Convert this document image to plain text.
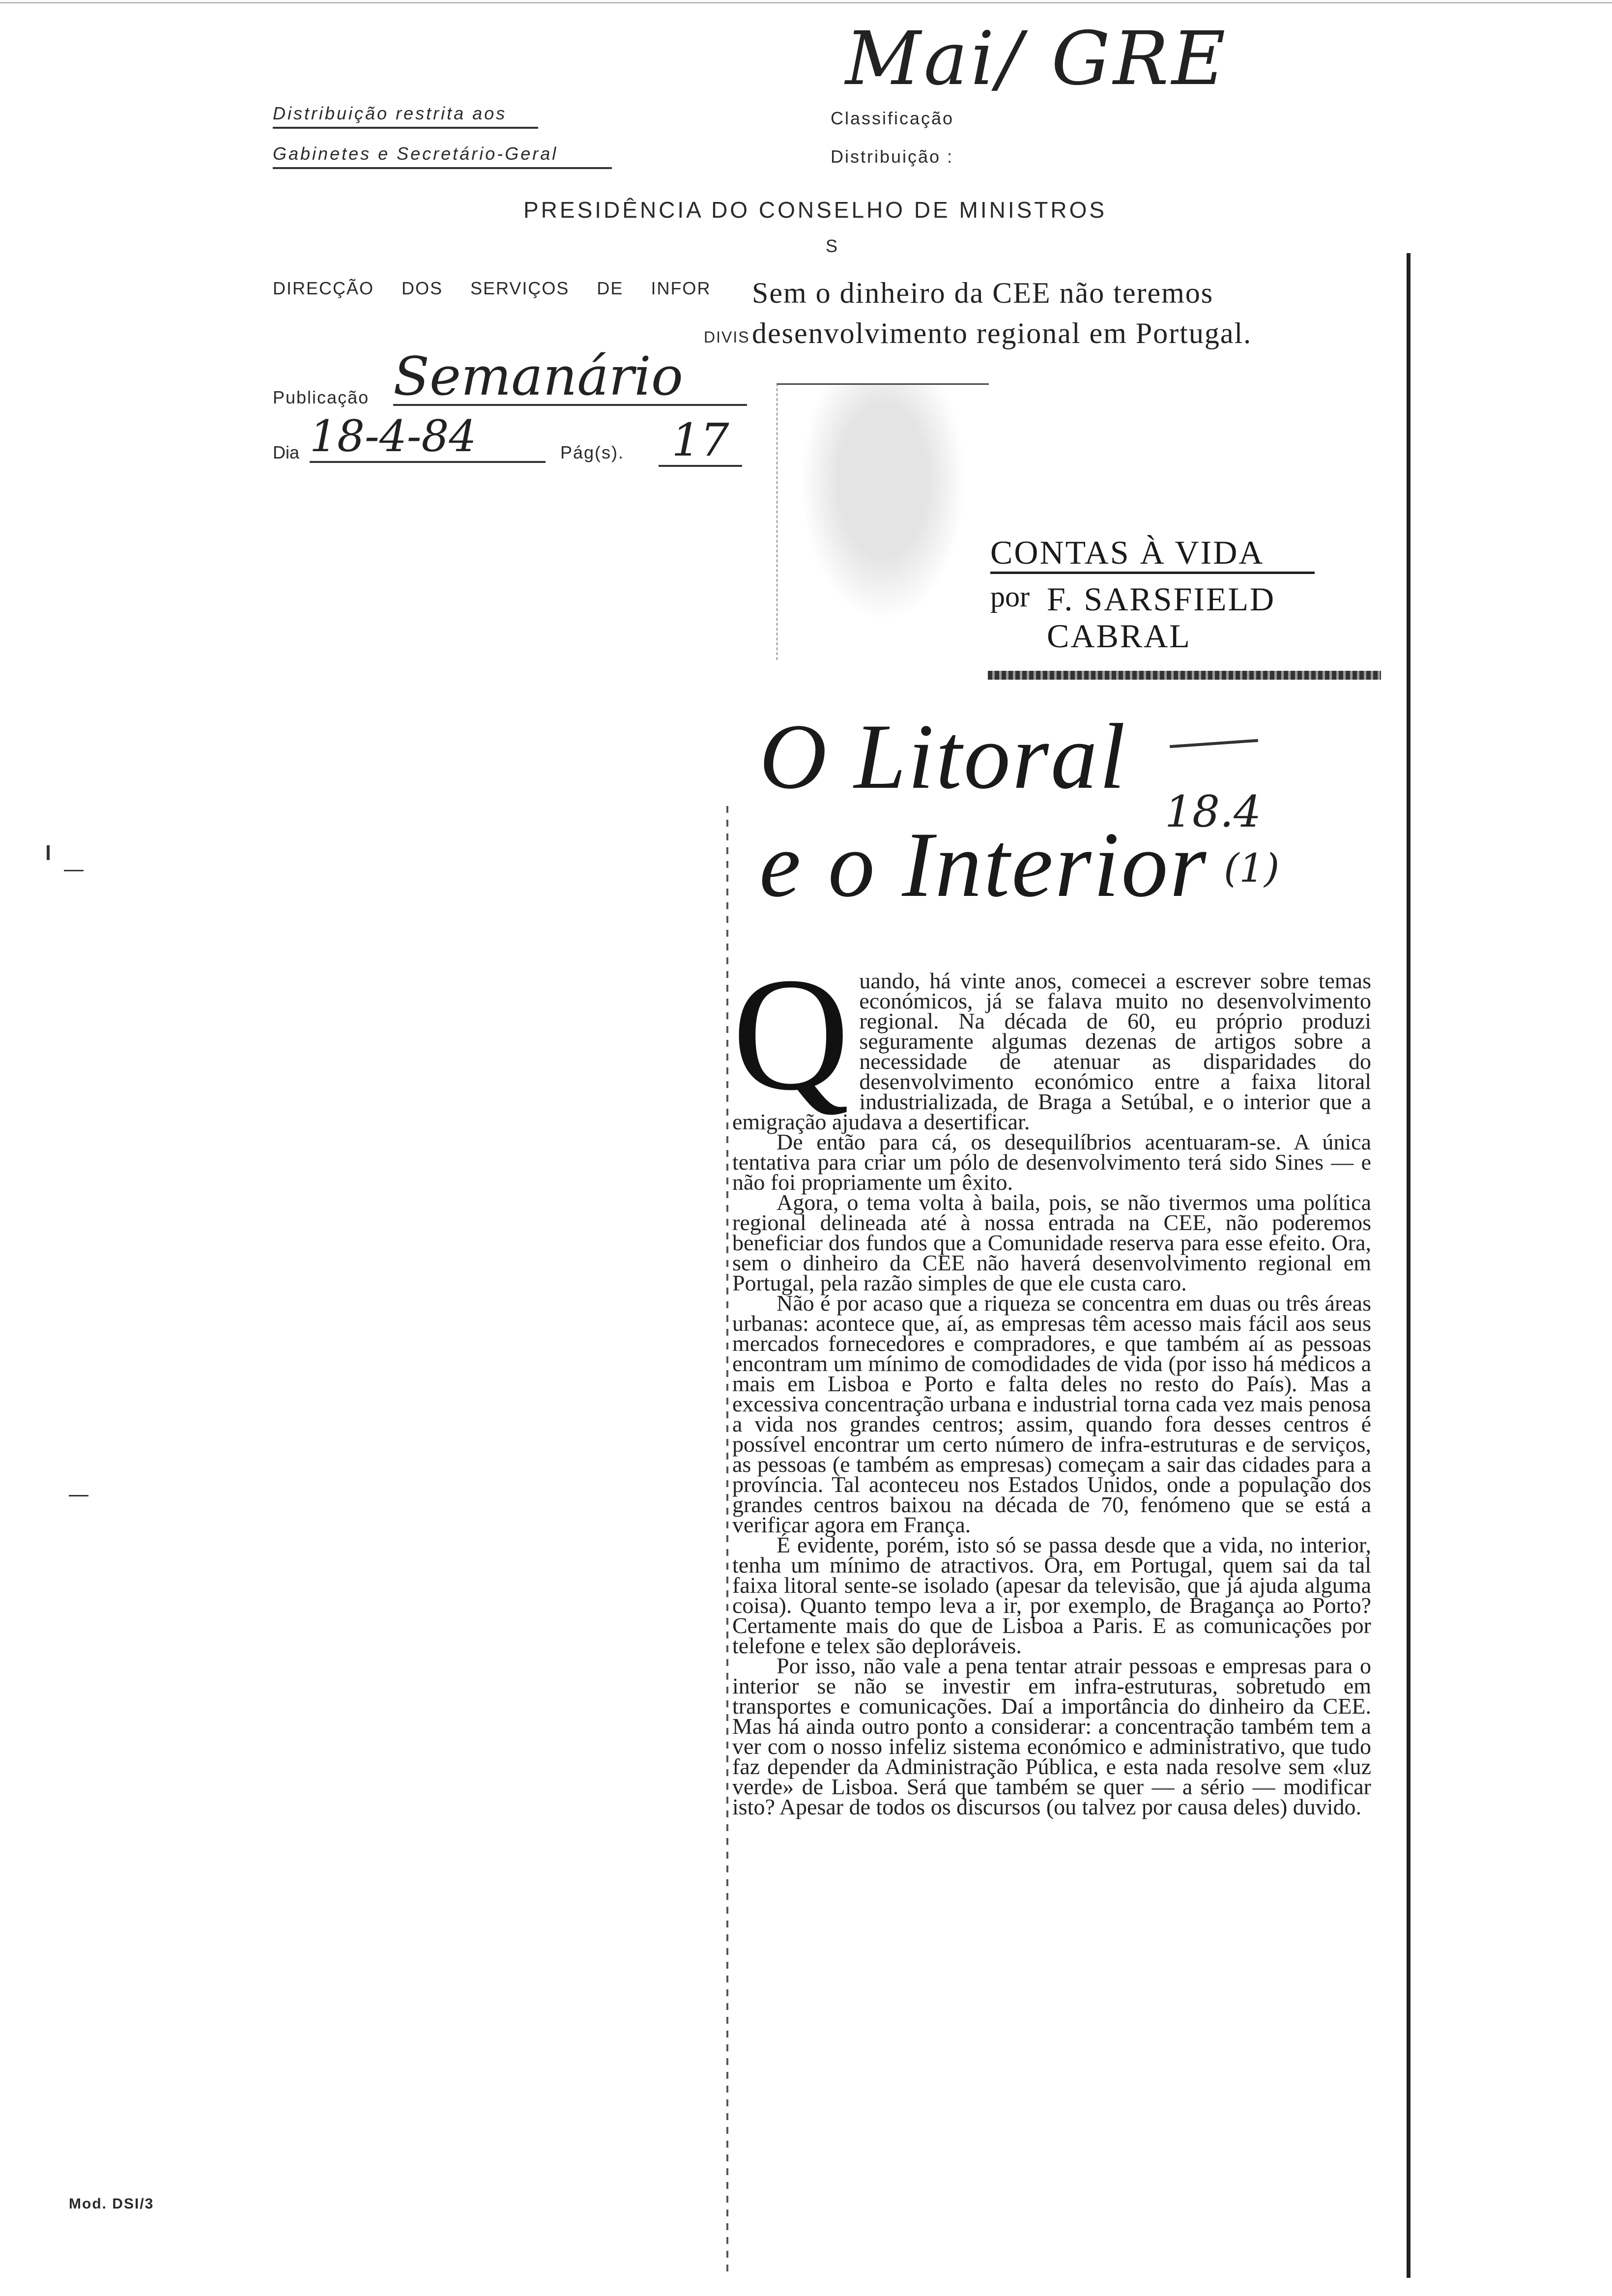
Distribuição restrita aos
Gabinetes e Secretário-Geral
Classificação
Distribuição :
Mai/ GRE
PRESIDÊNCIA DO CONSELHO DE MINISTROS
S
DIRECÇÃO DOS SERVIÇOS DE INFOR
DIVIS
Publicação Semanário
Dia 18-4-84	Pág(s). 17
Sem o dinheiro da CEE não teremos desenvolvimento regional em Portugal.
CONTAS À VIDA
por F. SARSFIELD
CABRAL
O Litoral
e o Interior
18.4
(1)
Q uando, há vinte anos, comecei a escrever sobre temas económicos, já se falava muito no desenvolvimento regional. Na década de 60, eu próprio produzi seguramente algumas dezenas de artigos sobre a necessidade de atenuar as disparidades do desenvolvimento económico entre a faixa litoral industrializada, de Braga a Setúbal, e o interior que a emigração ajudava a desertificar.

De então para cá, os desequilíbrios acentuaram-se. A única tentativa para criar um pólo de desenvolvimento terá sido Sines — e não foi propriamente um êxito.

Agora, o tema volta à baila, pois, se não tivermos uma política regional delineada até à nossa entrada na CEE, não poderemos beneficiar dos fundos que a Comunidade reserva para esse efeito. Ora, sem o dinheiro da CEE não haverá desenvolvimento regional em Portugal, pela razão simples de que ele custa caro.

Não é por acaso que a riqueza se concentra em duas ou três áreas urbanas: acontece que, aí, as empresas têm acesso mais fácil aos seus mercados fornecedores e compradores, e que também aí as pessoas encontram um mínimo de comodidades de vida (por isso há médicos a mais em Lisboa e Porto e falta deles no resto do País). Mas a excessiva concentração urbana e industrial torna cada vez mais penosa a vida nos grandes centros; assim, quando fora desses centros é possível encontrar um certo número de infra-estruturas e de serviços, as pessoas (e também as empresas) começam a sair das cidades para a província. Tal aconteceu nos Estados Unidos, onde a população dos grandes centros baixou na década de 70, fenómeno que se está a verificar agora em França.

É evidente, porém, isto só se passa desde que a vida, no interior, tenha um mínimo de atractivos. Ora, em Portugal, quem sai da tal faixa litoral sente-se isolado (apesar da televisão, que já ajuda alguma coisa). Quanto tempo leva a ir, por exemplo, de Bragança ao Porto? Certamente mais do que de Lisboa a Paris. E as comunicações por telefone e telex são deploráveis.

Por isso, não vale a pena tentar atrair pessoas e empresas para o interior se não se investir em infra-estruturas, sobretudo em transportes e comunicações. Daí a importância do dinheiro da CEE. Mas há ainda outro ponto a considerar: a concentração também tem a ver com o nosso infeliz sistema económico e administrativo, que tudo faz depender da Administração Pública, e esta nada resolve sem «luz verde» de Lisboa. Será que também se quer — a sério — modificar isto? Apesar de todos os discursos (ou talvez por causa deles) duvido.

Mod. DSI/3
